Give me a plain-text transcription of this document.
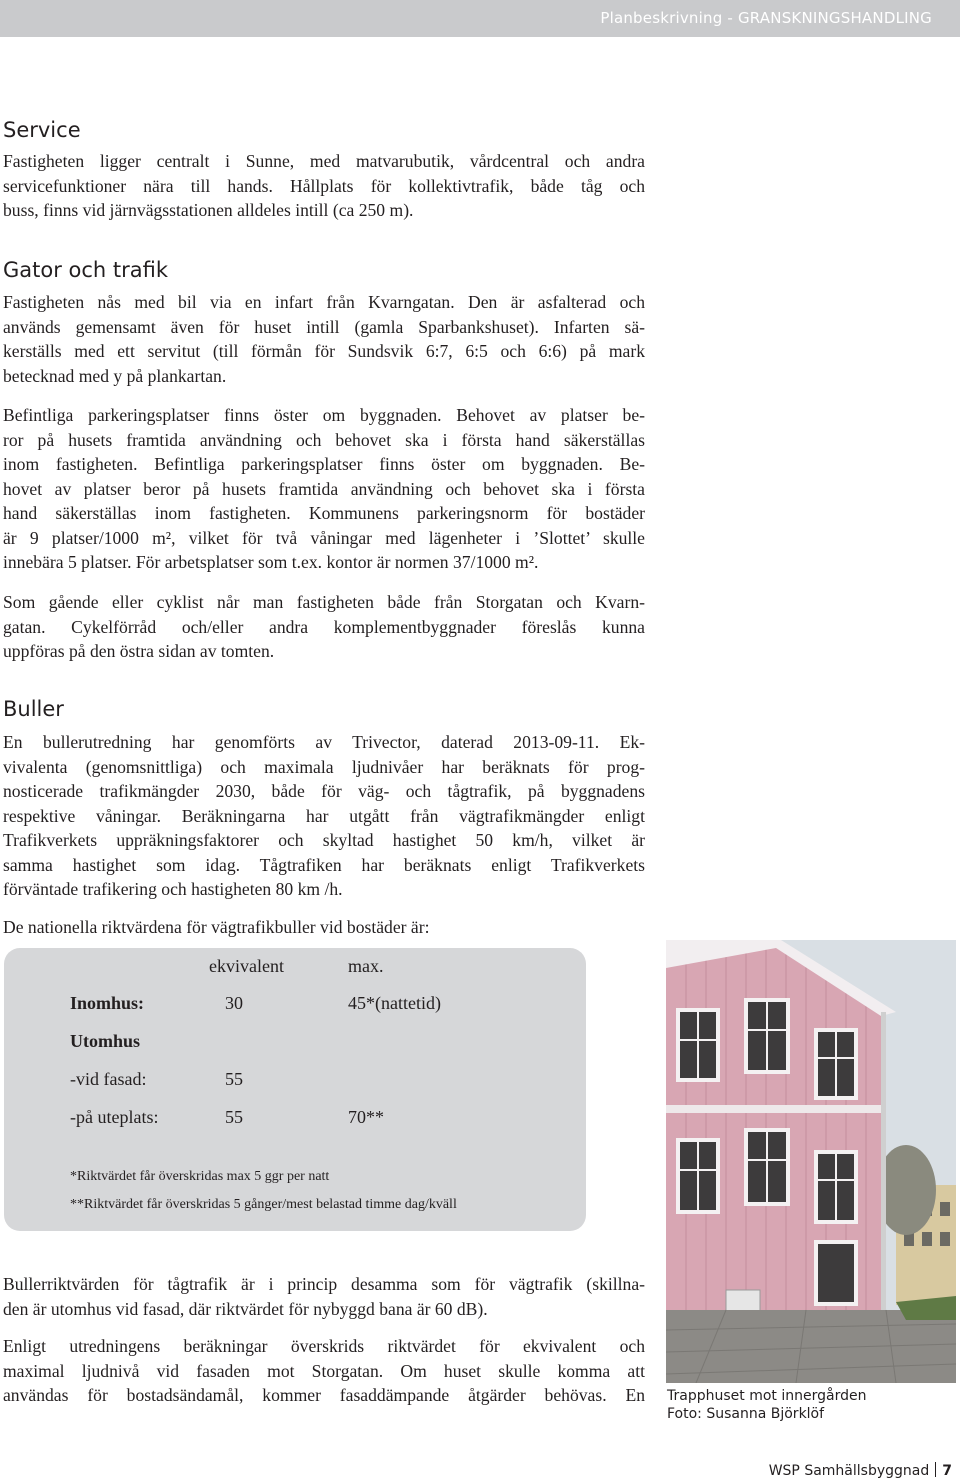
Planbeskrivning - GRANSKNINGSHANDLING
Service
Fastigheten ligger centralt i Sunne, med matvarubutik, vårdcentral och andra
servicefunktioner nära till hands. Hållplats för kollektivtrafik, både tåg och
buss, finns vid järnvägsstationen alldeles intill (ca 250 m).
Gator och trafik
Fastigheten nås med bil via en infart från Kvarngatan. Den är asfalterad och
används gemensamt även för huset intill (gamla Sparbankshuset). Infarten sä-
kerställs med ett servitut (till förmån för Sundsvik 6:7, 6:5 och 6:6) på mark
betecknad med y på plankartan.
Befintliga parkeringsplatser finns öster om byggnaden. Behovet av platser be-
ror på husets framtida användning och behovet ska i första hand säkerställas
inom fastigheten. Befintliga parkeringsplatser finns öster om byggnaden. Be-
hovet av platser beror på husets framtida användning och behovet ska i första
hand säkerställas inom fastigheten. Kommunens parkeringsnorm för bostäder
är 9 platser/1000 m², vilket för två våningar med lägenheter i ’Slottet’ skulle
innebära 5 platser. För arbetsplatser som t.ex. kontor är normen 37/1000 m².
Som gående eller cyklist når man fastigheten både från Storgatan och Kvarn-
gatan. Cykelförråd och/eller andra komplementbyggnader föreslås kunna
uppföras på den östra sidan av tomten.
Buller
En bullerutredning har genomförts av Trivector, daterad 2013-09-11. Ek-
vivalenta (genomsnittliga) och maximala ljudnivåer har beräknats för prog-
nosticerade trafikmängder 2030, både för väg- och tågtrafik, på byggnadens
respektive våningar. Beräkningarna har utgått från vägtrafikmängder enligt
Trafikverkets uppräkningsfaktorer och skyltad hastighet 50 km/h, vilket är
samma hastighet som idag. Tågtrafiken har beräknats enligt Trafikverkets
förväntade trafikering och hastigheten 80 km /h.
De nationella riktvärdena för vägtrafikbuller vid bostäder är:
ekvivalent	max.
Inomhus:	30	45*(nattetid)
Utomhus
-vid fasad:	55
-på uteplats:	55	70**
*Riktvärdet får överskridas max 5 ggr per natt
**Riktvärdet får överskridas 5 gånger/mest belastad timme dag/kväll
Bullerriktvärden för tågtrafik är i princip desamma som för vägtrafik (skillna-
den är utomhus vid fasad, där riktvärdet för nybyggd bana är 60 dB).
Enligt utredningens beräkningar överskrids riktvärdet för ekvivalent och
maximal ljudnivå vid fasaden mot Storgatan. Om huset skulle komma att
användas för bostadsändamål, kommer fasaddämpande åtgärder behövas. En Trapphuset mot innergården
Foto: Susanna Björklöf
WSP Samhällsbyggnad 7
